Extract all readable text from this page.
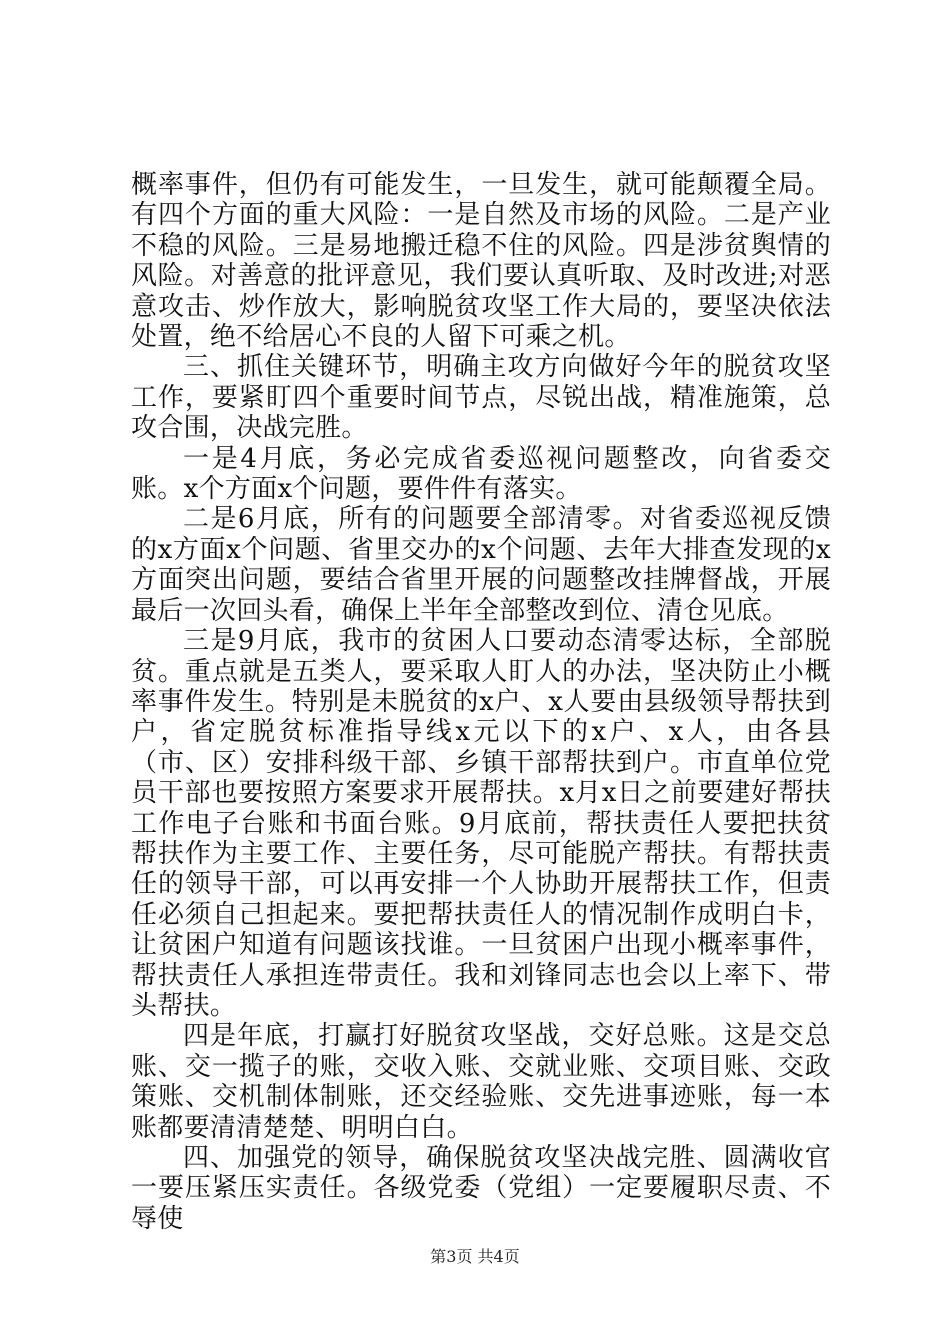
概率事件，但仍有可能发生，一旦发生，就可能颠覆全局。有四个方面的重大风险：一是自然及市场的风险。二是产业不稳的风险。三是易地搬迁稳不住的风险。四是涉贫舆情的风险。对善意的批评意见，我们要认真听取、及时改进;对恶意攻击、炒作放大，影响脱贫攻坚工作大局的，要坚决依法处置，绝不给居心不良的人留下可乘之机。

三、抓住关键环节，明确主攻方向做好今年的脱贫攻坚工作，要紧盯四个重要时间节点，尽锐出战，精准施策，总攻合围，决战完胜。

一是4月底，务必完成省委巡视问题整改，向省委交账。x个方面x个问题，要件件有落实。

二是6月底，所有的问题要全部清零。对省委巡视反馈的x方面x个问题、省里交办的x个问题、去年大排查发现的x方面突出问题，要结合省里开展的问题整改挂牌督战，开展最后一次回头看，确保上半年全部整改到位、清仓见底。

三是9月底，我市的贫困人口要动态清零达标，全部脱贫。重点就是五类人，要采取人盯人的办法，坚决防止小概率事件发生。特别是未脱贫的x户、x人要由县级领导帮扶到户，省定脱贫标准指导线x元以下的x户、x人，由各县（市、区）安排科级干部、乡镇干部帮扶到户。市直单位党员干部也要按照方案要求开展帮扶。x月x日之前要建好帮扶工作电子台账和书面台账。9月底前，帮扶责任人要把扶贫帮扶作为主要工作、主要任务，尽可能脱产帮扶。有帮扶责任的领导干部，可以再安排一个人协助开展帮扶工作，但责任必须自己担起来。要把帮扶责任人的情况制作成明白卡，让贫困户知道有问题该找谁。一旦贫困户出现小概率事件，帮扶责任人承担连带责任。我和刘锋同志也会以上率下、带头帮扶。

四是年底，打赢打好脱贫攻坚战，交好总账。这是交总账、交一揽子的账，交收入账、交就业账、交项目账、交政策账、交机制体制账，还交经验账、交先进事迹账，每一本账都要清清楚楚、明明白白。

四、加强党的领导，确保脱贫攻坚决战完胜、圆满收官一要压紧压实责任。各级党委（党组）一定要履职尽责、不辱使

第3页 共4页
